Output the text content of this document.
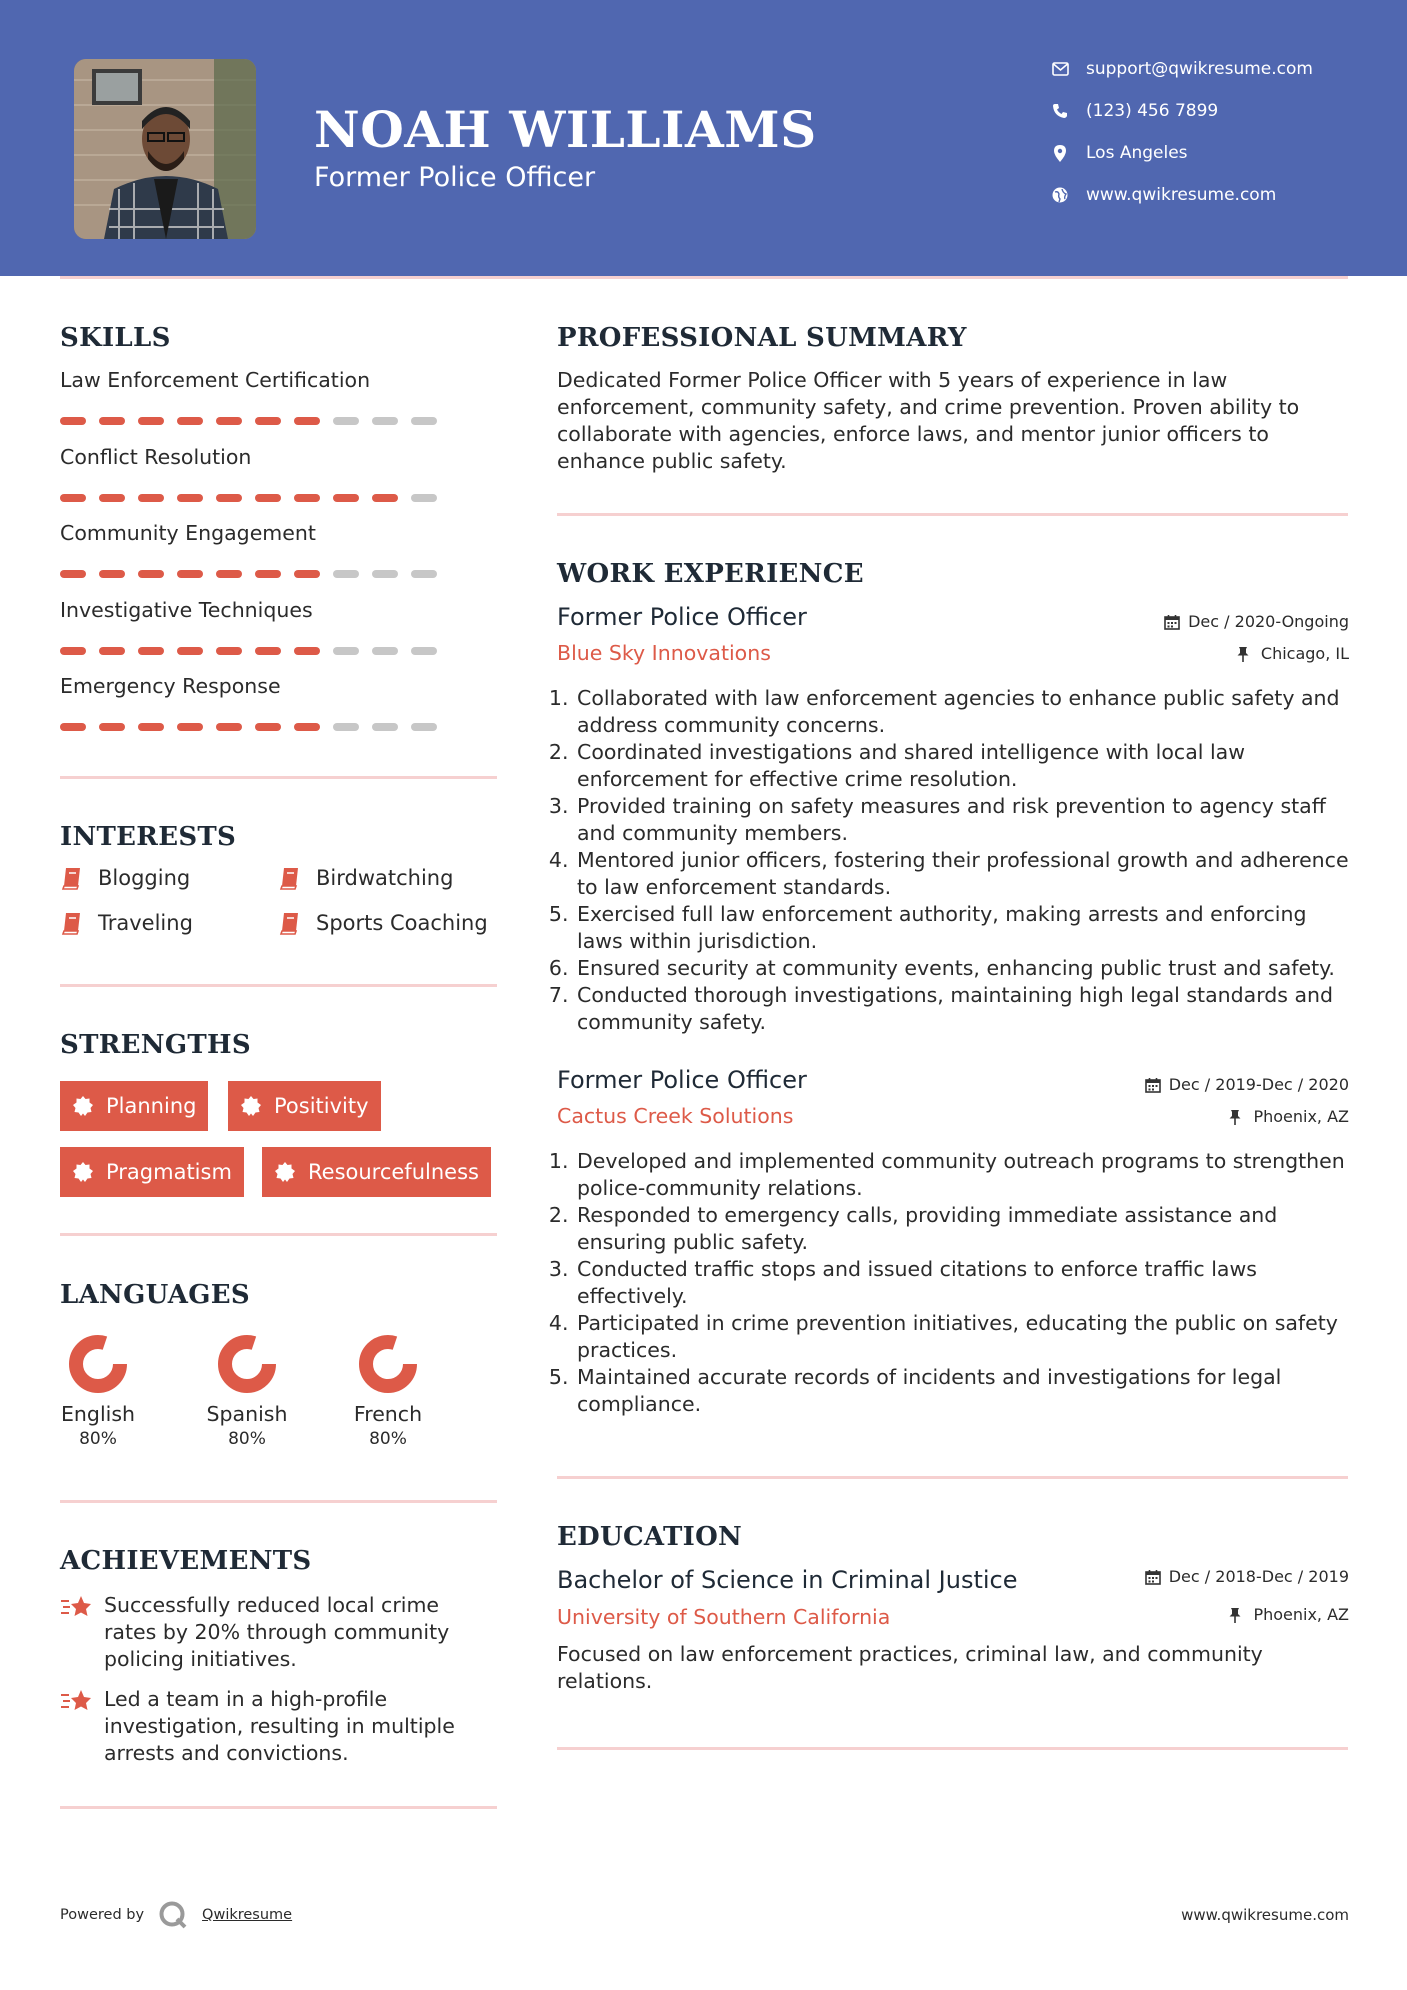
NOAH WILLIAMS
Former Police Officer
support@qwikresume.com
(123) 456 7899
Los Angeles
www.qwikresume.com
SKILLS
Law Enforcement Certification
Conflict Resolution
Community Engagement
Investigative Techniques
Emergency Response
INTERESTS
Blogging	Birdwatching
Traveling	Sports Coaching
STRENGTHS
Planning	Positivity
Pragmatism	Resourcefulness
LANGUAGES
English
80%
Spanish
80%
French
80%
ACHIEVEMENTS
Successfully reduced local crime rates by 20% through community policing initiatives.
Led a team in a high-profile investigation, resulting in multiple arrests and convictions.
PROFESSIONAL SUMMARY
Dedicated Former Police Officer with 5 years of experience in law enforcement, community safety, and crime prevention. Proven ability to collaborate with agencies, enforce laws, and mentor junior officers to enhance public safety.
WORK EXPERIENCE
Former Police Officer	Dec / 2020-Ongoing
Blue Sky Innovations	Chicago, IL
1. Collaborated with law enforcement agencies to enhance public safety and address community concerns.
2. Coordinated investigations and shared intelligence with local law enforcement for effective crime resolution.
3. Provided training on safety measures and risk prevention to agency staff and community members.
4. Mentored junior officers, fostering their professional growth and adherence to law enforcement standards.
5. Exercised full law enforcement authority, making arrests and enforcing laws within jurisdiction.
6. Ensured security at community events, enhancing public trust and safety.
7. Conducted thorough investigations, maintaining high legal standards and community safety.
Former Police Officer	Dec / 2019-Dec / 2020
Cactus Creek Solutions	Phoenix, AZ
1. Developed and implemented community outreach programs to strengthen police-community relations.
2. Responded to emergency calls, providing immediate assistance and ensuring public safety.
3. Conducted traffic stops and issued citations to enforce traffic laws effectively.
4. Participated in crime prevention initiatives, educating the public on safety practices.
5. Maintained accurate records of incidents and investigations for legal compliance.
EDUCATION
Bachelor of Science in Criminal Justice	Dec / 2018-Dec / 2019
University of Southern California	Phoenix, AZ
Focused on law enforcement practices, criminal law, and community relations.
Powered by	Qwikresume	www.qwikresume.com
